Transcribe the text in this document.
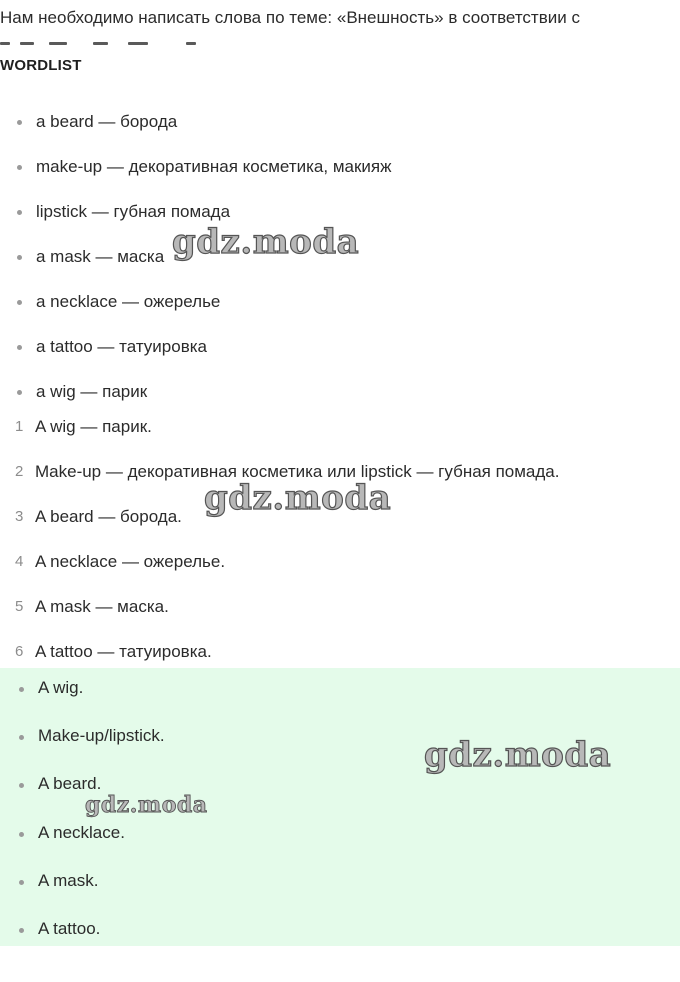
Нам необходимо написать слова по теме: «Внешность» в соответствии с
WORDLIST
a beard — борода
make-up — декоративная косметика, макияж
lipstick — губная помада
a mask — маска
a necklace — ожерелье
a tattoo — татуировка
a wig — парик
1 A wig — парик.
2 Make-up — декоративная косметика или lipstick — губная помада.
3 A beard — борода.
4 A necklace — ожерелье.
5 A mask — маска.
6 A tattoo — татуировка.
A wig.
Make-up/lipstick.
A beard.
A necklace.
A mask.
A tattoo.
gdz.moda
gdz.moda
gdz.moda
gdz.moda
